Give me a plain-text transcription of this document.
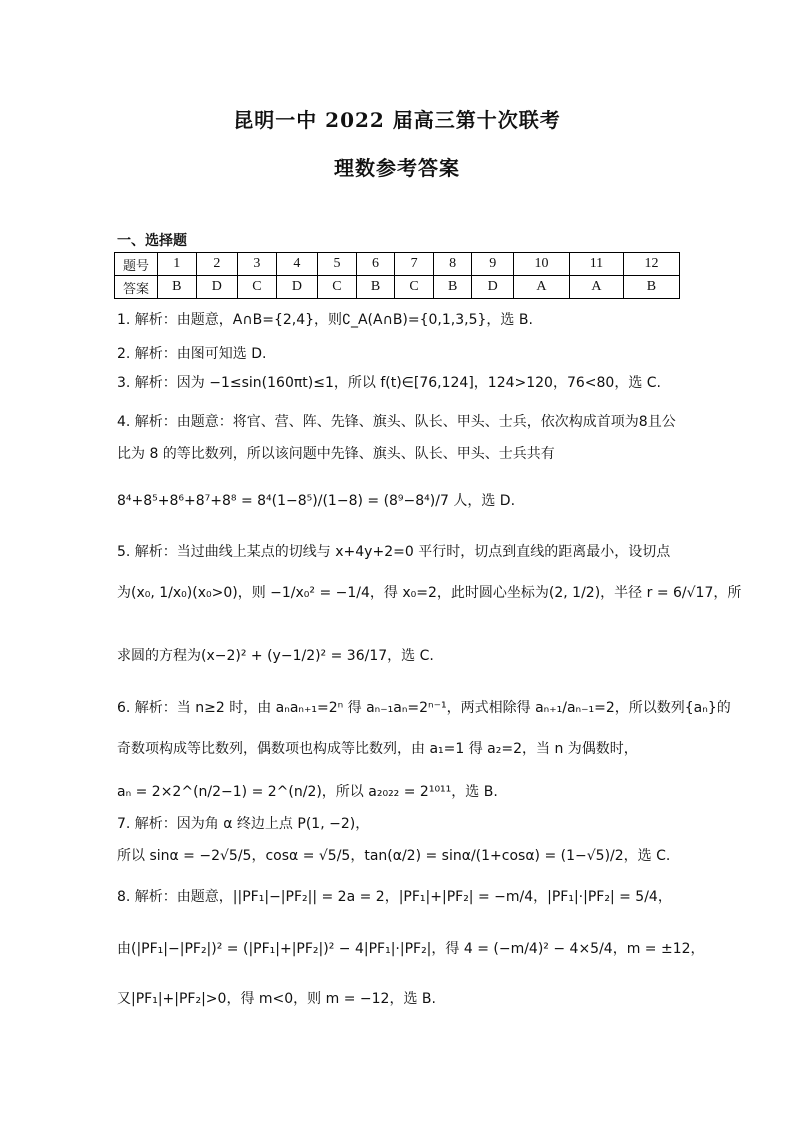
昆明一中 2022 届高三第十次联考
理数参考答案
一、选择题
题号	1	2	3	4	5	6	7	8	9	10	11	12
答案	B	D	C	D	C	B	C	B	D	A	A	B
1. 解析：由题意，A∩B={2,4}，则∁_A(A∩B)={0,1,3,5}，选 B.
2. 解析：由图可知选 D.
3. 解析：因为 −1≤sin(160πt)≤1，所以 f(t)∈[76,124]，124>120，76<80，选 C.
4. 解析：由题意：将官、营、阵、先锋、旗头、队长、甲头、士兵，依次构成首项为8且公
比为 8 的等比数列，所以该问题中先锋、旗头、队长、甲头、士兵共有
8⁴+8⁵+8⁶+8⁷+8⁸ = 8⁴(1−8⁵)/(1−8) = (8⁹−8⁴)/7 人，选 D.
5. 解析：当过曲线上某点的切线与 x+4y+2=0 平行时，切点到直线的距离最小，设切点
为(x₀, 1/x₀)(x₀>0)，则 −1/x₀² = −1/4，得 x₀=2，此时圆心坐标为(2, 1/2)，半径 r = 6/√17，所
求圆的方程为(x−2)² + (y−1/2)² = 36/17，选 C.
6. 解析：当 n≥2 时，由 aₙaₙ₊₁=2ⁿ 得 aₙ₋₁aₙ=2ⁿ⁻¹，两式相除得 aₙ₊₁/aₙ₋₁=2，所以数列{aₙ}的
奇数项构成等比数列，偶数项也构成等比数列，由 a₁=1 得 a₂=2，当 n 为偶数时，
aₙ = 2×2^(n/2−1) = 2^(n/2)，所以 a₂₀₂₂ = 2¹⁰¹¹，选 B.
7. 解析：因为角 α 终边上点 P(1, −2)，
所以 sinα = −2√5/5，cosα = √5/5，tan(α/2) = sinα/(1+cosα) = (1−√5)/2，选 C.
8. 解析：由题意，||PF₁|−|PF₂|| = 2a = 2，|PF₁|+|PF₂| = −m/4，|PF₁|·|PF₂| = 5/4，
由(|PF₁|−|PF₂|)² = (|PF₁|+|PF₂|)² − 4|PF₁|·|PF₂|，得 4 = (−m/4)² − 4×5/4，m = ±12，
又|PF₁|+|PF₂|>0，得 m<0，则 m = −12，选 B.
